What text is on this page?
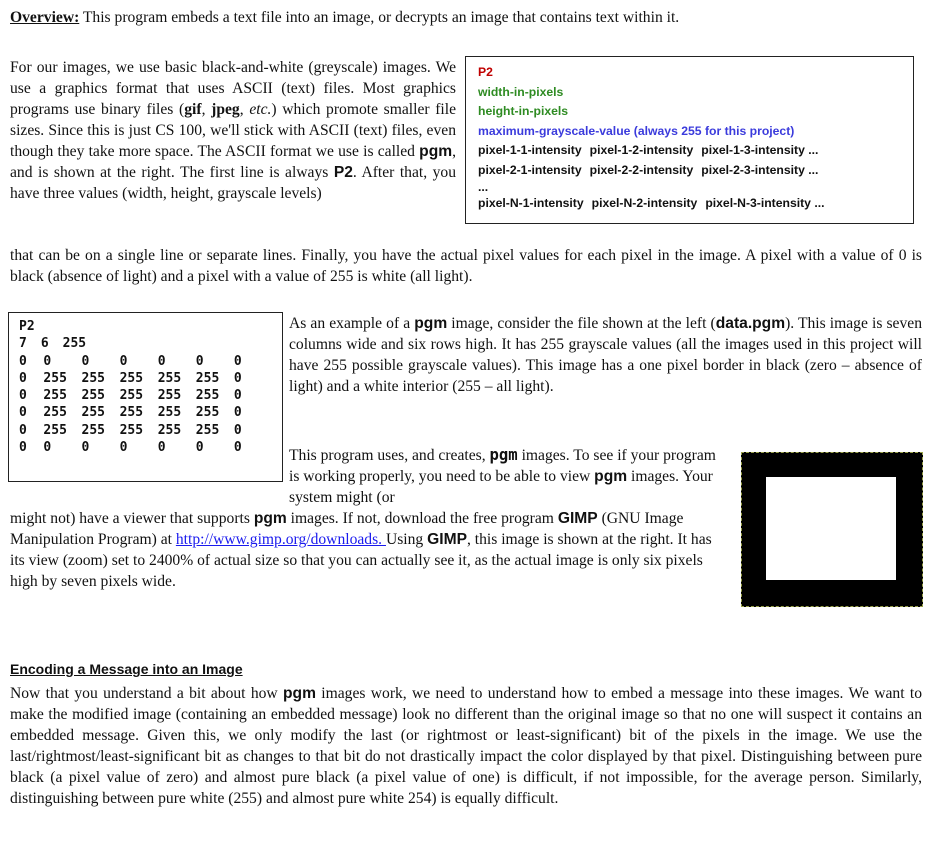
Overview: This program embeds a text file into an image, or decrypts an image that contains text within it.

For our images, we use basic black-and-white (greyscale) images. We use a graphics format that uses ASCII (text) files. Most graphics programs use binary files (gif, jpeg, etc.) which promote smaller file sizes. Since this is just CS 100, we'll stick with ASCII (text) files, even though they take more space. The ASCII format we use is called pgm, and is shown at the right. The first line is always P2. After that, you have three values (width, height, grayscale levels)

that can be on a single line or separate lines. Finally, you have the actual pixel values for each pixel in the image. A pixel with a value of 0 is black (absence of light) and a pixel with a value of 255 is white (all light).

P2
width-in-pixels
height-in-pixels
maximum-grayscale-value (always 255 for this project)
pixel-1-1-intensity pixel-1-2-intensity pixel-1-3-intensity ...
pixel-2-1-intensity pixel-2-2-intensity pixel-2-3-intensity ...
...
pixel-N-1-intensity pixel-N-2-intensity pixel-N-3-intensity ...
P2
7 6 255
0	0	0	0	0	0	0
0	255	255	255	255	255	0
0	255	255	255	255	255	0
0	255	255	255	255	255	0
0	255	255	255	255	255	0
0	0	0	0	0	0	0

As an example of a pgm image, consider the file shown at the left (data.pgm). This image is seven columns wide and six rows high. It has 255 grayscale values (all the images used in this project will have 255 possible grayscale values). This image has a one pixel border in black (zero – absence of light) and a white interior (255 – all light).

This program uses, and creates, pgm images. To see if your program is working properly, you need to be able to view pgm images. Your system might (or

might not) have a viewer that supports pgm images. If not, download the free program GIMP (GNU Image Manipulation Program) at http://www.gimp.org/downloads. Using GIMP, this image is shown at the right. It has its view (zoom) set to 2400% of actual size so that you can actually see it, as the actual image is only six pixels high by seven pixels wide.

Encoding a Message into an Image

Now that you understand a bit about how pgm images work, we need to understand how to embed a message into these images. We want to make the modified image (containing an embedded message) look no different than the original image so that no one will suspect it contains an embedded message. Given this, we only modify the last (or rightmost or least-significant) bit of the pixels in the image. We use the last/rightmost/least-significant bit as changes to that bit do not drastically impact the color displayed by that pixel. Distinguishing between pure black (a pixel value of zero) and almost pure black (a pixel value of one) is difficult, if not impossible, for the average person. Similarly, distinguishing between pure white (255) and almost pure white 254) is equally difficult.
